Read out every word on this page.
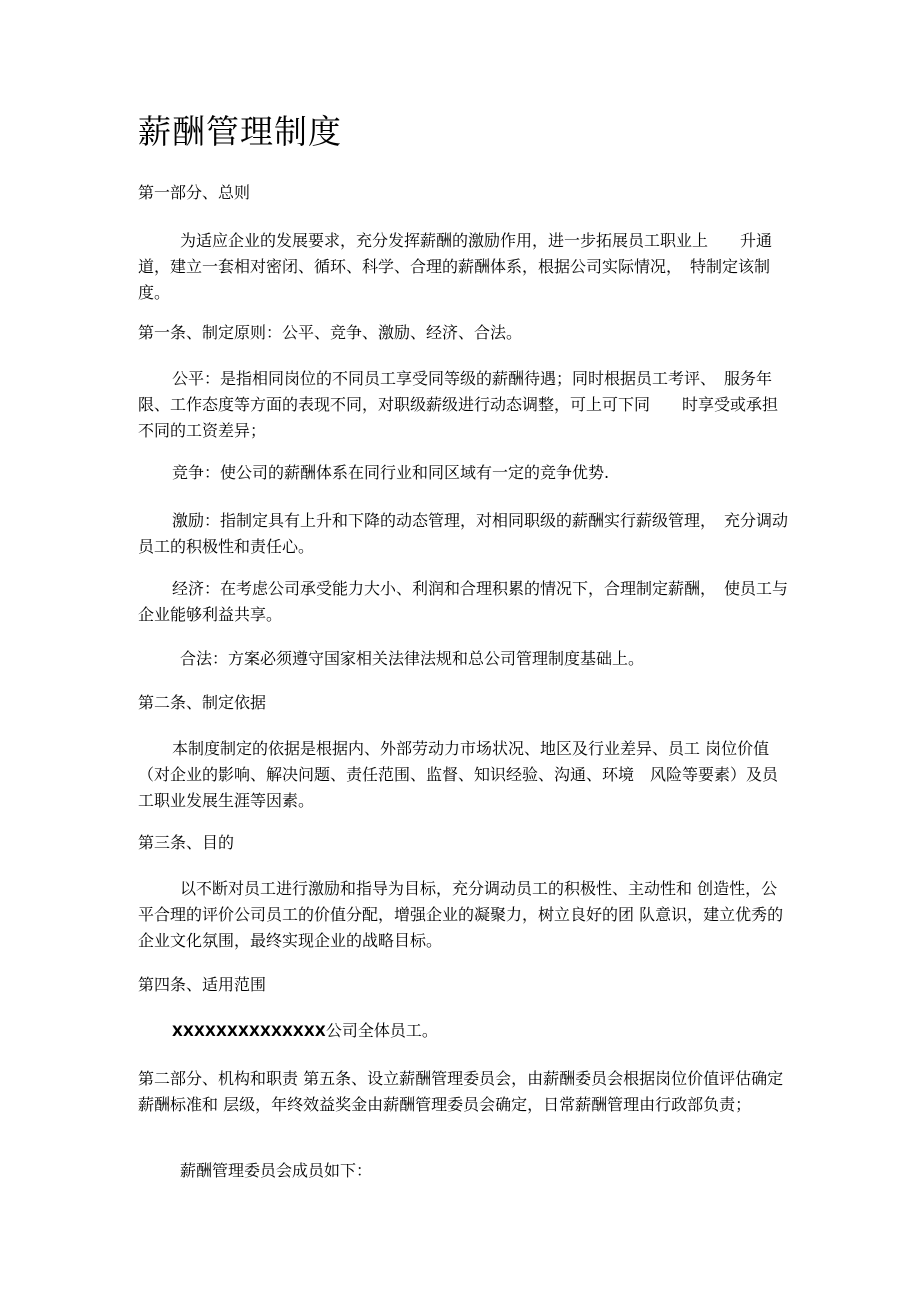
薪酬管理制度

第一部分、总则

为适应企业的发展要求，充分发挥薪酬的激励作用，进一步拓展员工职业上　　升通道，建立一套相对密闭、循环、科学、合理的薪酬体系，根据公司实际情况，　特制定该制度。

第一条、制定原则：公平、竞争、激励、经济、合法。

公平：是指相同岗位的不同员工享受同等级的薪酬待遇；同时根据员工考评、　服务年限、工作态度等方面的表现不同，对职级薪级进行动态调整，可上可下同　　时享受或承担不同的工资差异；

竞争：使公司的薪酬体系在同行业和同区域有一定的竞争优势.

激励：指制定具有上升和下降的动态管理，对相同职级的薪酬实行薪级管理，　充分调动员工的积极性和责任心。

经济：在考虑公司承受能力大小、利润和合理积累的情况下，合理制定薪酬，　使员工与企业能够利益共享。

合法：方案必须遵守国家相关法律法规和总公司管理制度基础上。

第二条、制定依据

本制度制定的依据是根据内、外部劳动力市场状况、地区及行业差异、员工 岗位价值（对企业的影响、解决问题、责任范围、监督、知识经验、沟通、环境　风险等要素）及员工职业发展生涯等因素。

第三条、目的

以不断对员工进行激励和指导为目标，充分调动员工的积极性、主动性和 创造性，公平合理的评价公司员工的价值分配，增强企业的凝聚力，树立良好的团 队意识，建立优秀的企业文化氛围，最终实现企业的战略目标。

第四条、适用范围

XXXXXXXXXXXXXX公司全体员工。

第二部分、机构和职责 第五条、设立薪酬管理委员会，由薪酬委员会根据岗位价值评估确定薪酬标准和 层级，年终效益奖金由薪酬管理委员会确定，日常薪酬管理由行政部负责；

薪酬管理委员会成员如下：
